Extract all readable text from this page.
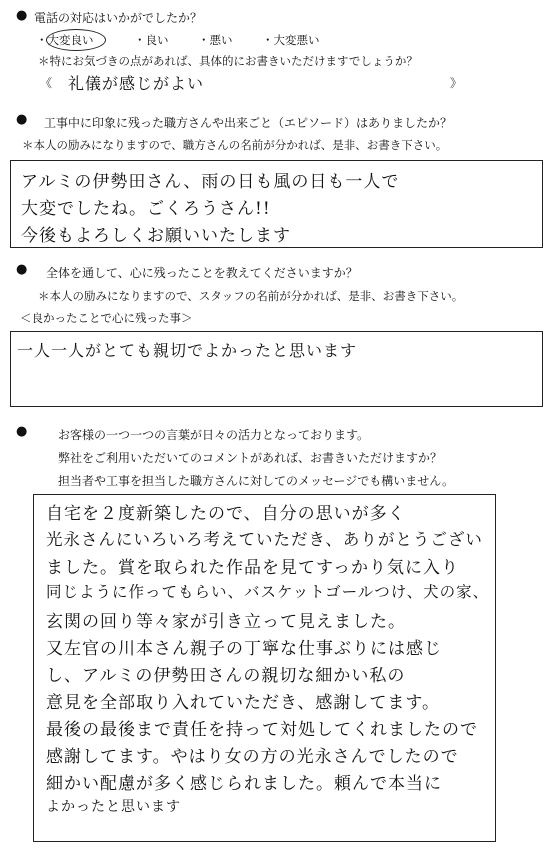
● 電話の対応はいかがでしたか？
・大変良い	・良い	・悪い	・大変悪い
＊特にお気づきの点があれば、具体的にお書きいただけますでしょうか？
《 礼儀が感じがよい	》
● 工事中に印象に残った職方さんや出来ごと（エピソード）はありましたか？
＊本人の励みになりますので、職方さんの名前が分かれば、是非、お書き下さい。
アルミの伊勢田さん、雨の日も風の日も一人で
大変でしたね。ごくろうさん!!
今後もよろしくお願いいたします
● 全体を通して、心に残ったことを教えてくださいますか？
＊本人の励みになりますので、スタッフの名前が分かれば、是非、お書き下さい。
＜良かったことで心に残った事＞
一人一人がとても親切でよかったと思います
●	お客様の一つ一つの言葉が日々の活力となっております。
弊社をご利用いただいてのコメントがあれば、お書きいただけますか？
担当者や工事を担当した職方さんに対してのメッセージでも構いません。
自宅を２度新築したので、自分の思いが多く
光永さんにいろいろ考えていただき、ありがとうござい
ました。賞を取られた作品を見てすっかり気に入り
同じように作ってもらい、バスケットゴールつけ、犬の家、
玄関の回り等々家が引き立って見えました。
又左官の川本さん親子の丁寧な仕事ぶりには感じ
し、アルミの伊勢田さんの親切な細かい私の
意見を全部取り入れていただき、感謝してます。
最後の最後まで責任を持って対処してくれましたので
感謝してます。やはり女の方の光永さんでしたので
細かい配慮が多く感じられました。頼んで本当に
よかったと思います
